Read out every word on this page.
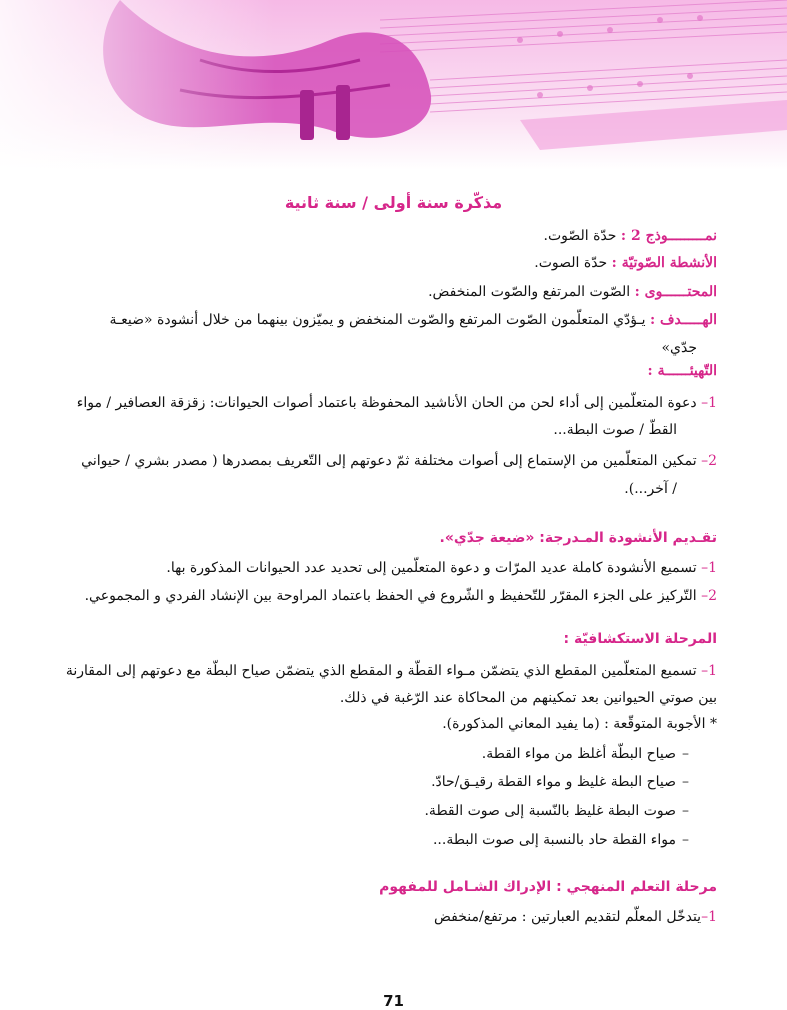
مذكّرة سنة أولى / سنة ثانية
نمـــــــــوذج 2 : حدّة الصّوت.
الأنشطة الصّوتيّة : حدّة الصوت.
المحتــــــوى : الصّوت المرتفع والصّوت المنخفض.
الهـــــدف : يـؤدّي المتعلّمون الصّوت المرتفع والصّوت المنخفض و يميّزون بينهما من خلال أنشودة «ضيعـة
جدّي»
التّهيئــــــة :
1– دعوة المتعلّمين إلى أداء لحن من الحان الأناشيد المحفوظة باعتماد أصوات الحيوانات: زقزقة العصافير / مواء
القطّ / صوت البطة...
2– تمكين المتعلّمين من الإستماع إلى أصوات مختلفة ثمّ دعوتهم إلى التّعريف بمصدرها ( مصدر بشري / حيواني
/ آخر...).
تقـديم الأنشودة المـدرجة: «ضيعة جدّي».
1– تسميع الأنشودة كاملة عديد المرّات و دعوة المتعلّمين إلى تحديد عدد الحيوانات المذكورة بها.
2– التّركيز على الجزء المقرّر للتّحفيظ و الشّروع في الحفظ باعتماد المراوحة بين الإنشاد الفردي و المجموعي.
المرحلة الاستكشافيّة :
1– تسميع المتعلّمين المقطع الذي يتضمّن مـواء القطّة و المقطع الذي يتضمّن صياح البطّة مع دعوتهم إلى المقارنة
بين صوتي الحيوانين بعد تمكينهم من المحاكاة عند الرّغبة في ذلك.
* الأجوبة المتوقّعة : (ما يفيد المعاني المذكورة).
–صياح البطّة أغلظ من مواء القطة.
–صياح البطة غليظ و مواء القطة رقيـق/حادّ.
–صوت البطة غليظ بالنّسبة إلى صوت القطة.
–مواء القطة حاد بالنسبة إلى صوت البطة...
مرحلة التعلم المنهجي : الإدراك الشـامل للمفهوم
1–يتدخّل المعلّم لتقديم العبارتين : مرتفع/منخفض
71
